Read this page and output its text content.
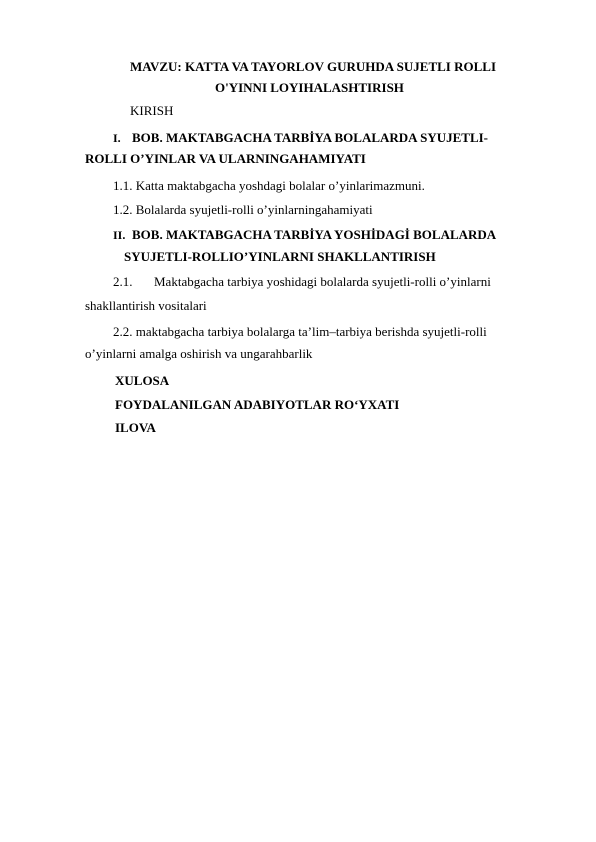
MAVZU: KATTA VA TAYORLOV GURUHDA SUJETLI ROLLI
O'YINNI LOYIHALASHTIRISH
KIRISH
I. BOB. MAKTABGACHA TARBİYA BOLALARDA SYUJETLI-
ROLLI O’YINLAR VA ULARNINGAHAMIYATI
1.1. Katta maktabgacha yoshdagi bolalar o’yinlarimazmuni.
1.2. Bolalarda syujetli-rolli o’yinlarningahamiyati
II. BOB. MAKTABGACHA TARBİYA YOSHİDAGİ BOLALARDA
SYUJETLI-ROLLIO’YINLARNI SHAKLLANTIRISH
2.1. Maktabgacha tarbiya yoshidagi bolalarda syujetli-rolli o’yinlarni
shakllantirish vositalari
2.2. maktabgacha tarbiya bolalarga ta’lim–tarbiya berishda syujetli-rolli
o’yinlarni amalga oshirish va ungarahbarlik
XULOSA
FOYDALANILGAN ADABIYOTLAR RO‘YXATI
ILOVA
